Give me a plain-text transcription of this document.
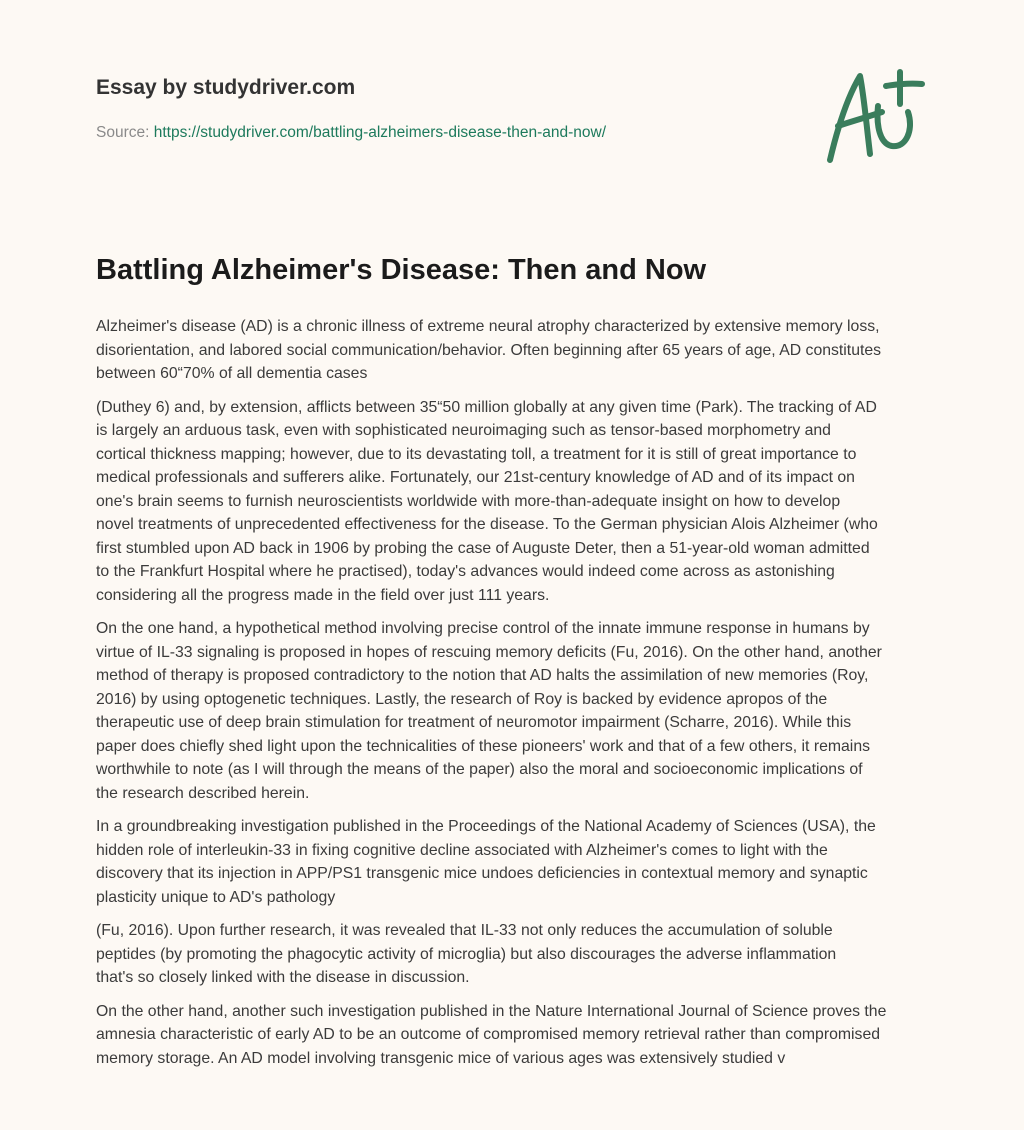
Essay by studydriver.com
Source: https://studydriver.com/battling-alzheimers-disease-then-and-now/
Battling Alzheimer's Disease: Then and Now

Alzheimer's disease (AD) is a chronic illness of extreme neural atrophy characterized by extensive memory loss,
disorientation, and labored social communication/behavior. Often beginning after 65 years of age, AD constitutes
between 60“70% of all dementia cases

(Duthey 6) and, by extension, afflicts between 35“50 million globally at any given time (Park). The tracking of AD
is largely an arduous task, even with sophisticated neuroimaging such as tensor-based morphometry and
cortical thickness mapping; however, due to its devastating toll, a treatment for it is still of great importance to
medical professionals and sufferers alike. Fortunately, our 21st-century knowledge of AD and of its impact on
one's brain seems to furnish neuroscientists worldwide with more-than-adequate insight on how to develop
novel treatments of unprecedented effectiveness for the disease. To the German physician Alois Alzheimer (who
first stumbled upon AD back in 1906 by probing the case of Auguste Deter, then a 51-year-old woman admitted
to the Frankfurt Hospital where he practised), today's advances would indeed come across as astonishing
considering all the progress made in the field over just 111 years.

On the one hand, a hypothetical method involving precise control of the innate immune response in humans by
virtue of IL-33 signaling is proposed in hopes of rescuing memory deficits (Fu, 2016). On the other hand, another
method of therapy is proposed contradictory to the notion that AD halts the assimilation of new memories (Roy,
2016) by using optogenetic techniques. Lastly, the research of Roy is backed by evidence apropos of the
therapeutic use of deep brain stimulation for treatment of neuromotor impairment (Scharre, 2016). While this
paper does chiefly shed light upon the technicalities of these pioneers' work and that of a few others, it remains
worthwhile to note (as I will through the means of the paper) also the moral and socioeconomic implications of
the research described herein.

In a groundbreaking investigation published in the Proceedings of the National Academy of Sciences (USA), the
hidden role of interleukin-33 in fixing cognitive decline associated with Alzheimer's comes to light with the
discovery that its injection in APP/PS1 transgenic mice undoes deficiencies in contextual memory and synaptic
plasticity unique to AD's pathology

(Fu, 2016). Upon further research, it was revealed that IL-33 not only reduces the accumulation of soluble
peptides (by promoting the phagocytic activity of microglia) but also discourages the adverse inflammation
that's so closely linked with the disease in discussion.

On the other hand, another such investigation published in the Nature International Journal of Science proves the
amnesia characteristic of early AD to be an outcome of compromised memory retrieval rather than compromised
memory storage. An AD model involving transgenic mice of various ages was extensively studied v
